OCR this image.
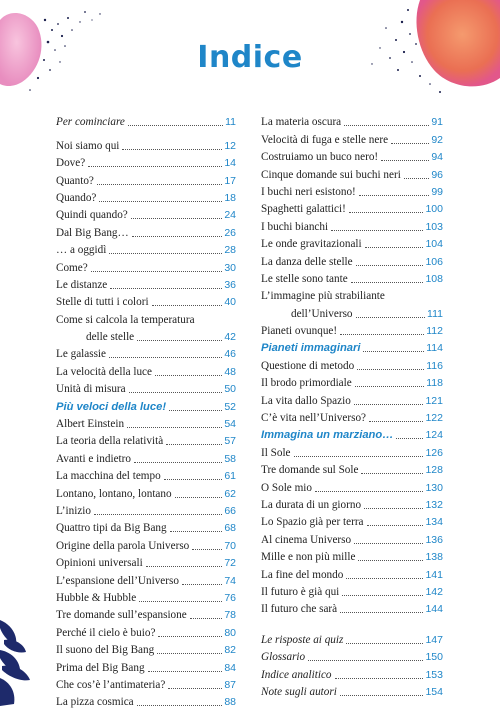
Indice
Per cominciare	11
Noi siamo qui	12
Dove?	14
Quanto?	17
Quando?	18
Quindi quando?	24
Dal Big Bang…	26
… a oggidì	28
Come?	30
Le distanze	36
Stelle di tutti i colori	40
Come si calcola la temperatura
delle stelle	42
Le galassie	46
La velocità della luce	48
Unità di misura	50
Più veloci della luce!	52
Albert Einstein	54
La teoria della relatività	57
Avanti e indietro	58
La macchina del tempo	61
Lontano, lontano, lontano	62
L’inizio	66
Quattro tipi da Big Bang	68
Origine della parola Universo	70
Opinioni universali	72
L’espansione dell’Universo	74
Hubble & Hubble	76
Tre domande sull’espansione	78
Perché il cielo è buio?	80
Il suono del Big Bang	82
Prima del Big Bang	84
Che cos’è l’antimateria?	87
La pizza cosmica	88
La materia oscura	91
Velocità di fuga e stelle nere	92
Costruiamo un buco nero!	94
Cinque domande sui buchi neri	96
I buchi neri esistono!	99
Spaghetti galattici!	100
I buchi bianchi	103
Le onde gravitazionali	104
La danza delle stelle	106
Le stelle sono tante	108
L’immagine più strabiliante
dell’Universo	111
Pianeti ovunque!	112
Pianeti immaginari	114
Questione di metodo	116
Il brodo primordiale	118
La vita dallo Spazio	121
C’è vita nell’Universo?	122
Immagina un marziano…	124
Il Sole	126
Tre domande sul Sole	128
O Sole mio	130
La durata di un giorno	132
Lo Spazio già per terra	134
Al cinema Universo	136
Mille e non più mille	138
La fine del mondo	141
Il futuro è già qui	142
Il futuro che sarà	144
Le risposte ai quiz	147
Glossario	150
Indice analitico	153
Note sugli autori	154
